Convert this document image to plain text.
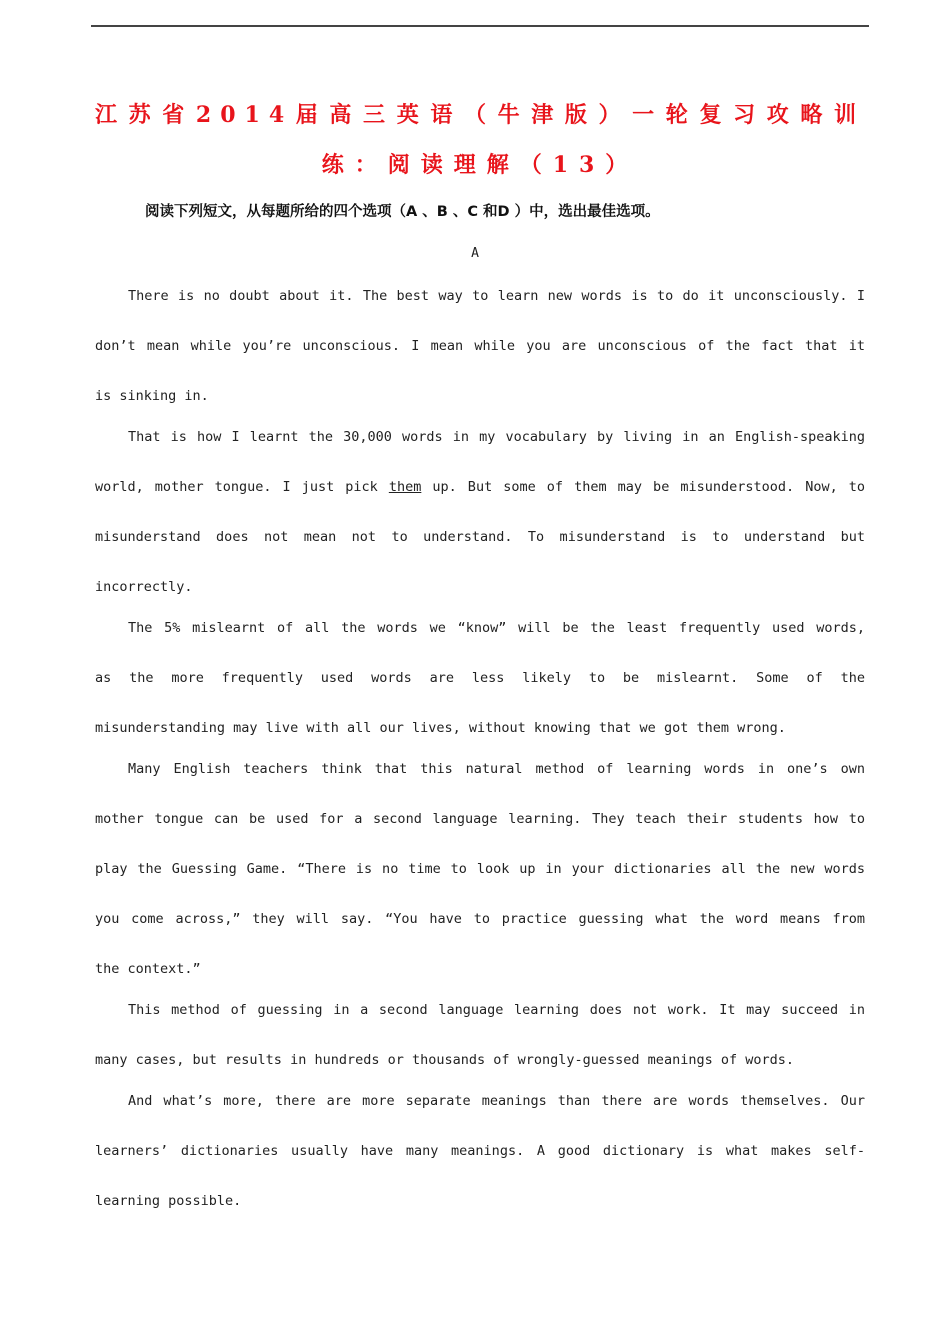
江苏省2014届高三英语（牛津版）一轮复习攻略训
练：阅读理解（13）
阅读下列短文，从每题所给的四个选项（A 、B 、C 和D ）中，选出最佳选项。
A
There is no doubt about it. The best way to learn new words is to do it unconsciously. I
don’t mean while you’re unconscious. I mean while you are unconscious of the fact that it
is sinking in.
That is how I learnt the 30,000 words in my vocabulary by living in an English-speaking
world, mother tongue. I just pick them up. But some of them may be misunderstood. Now, to
misunderstand does not mean not to understand. To misunderstand is to understand but
incorrectly.
The 5% mislearnt of all the words we “know” will be the least frequently used words,
as the more frequently used words are less likely to be mislearnt. Some of the
misunderstanding may live with all our lives, without knowing that we got them wrong.
Many English teachers think that this natural method of learning words in one’s own
mother tongue can be used for a second language learning. They teach their students how to
play the Guessing Game. “There is no time to look up in your dictionaries all the new words
you come across,” they will say. “You have to practice guessing what the word means from
the context.”
This method of guessing in a second language learning does not work. It may succeed in
many cases, but results in hundreds or thousands of wrongly-guessed meanings of words.
And what’s more, there are more separate meanings than there are words themselves. Our
learners’ dictionaries usually have many meanings. A good dictionary is what makes self-
learning possible.
